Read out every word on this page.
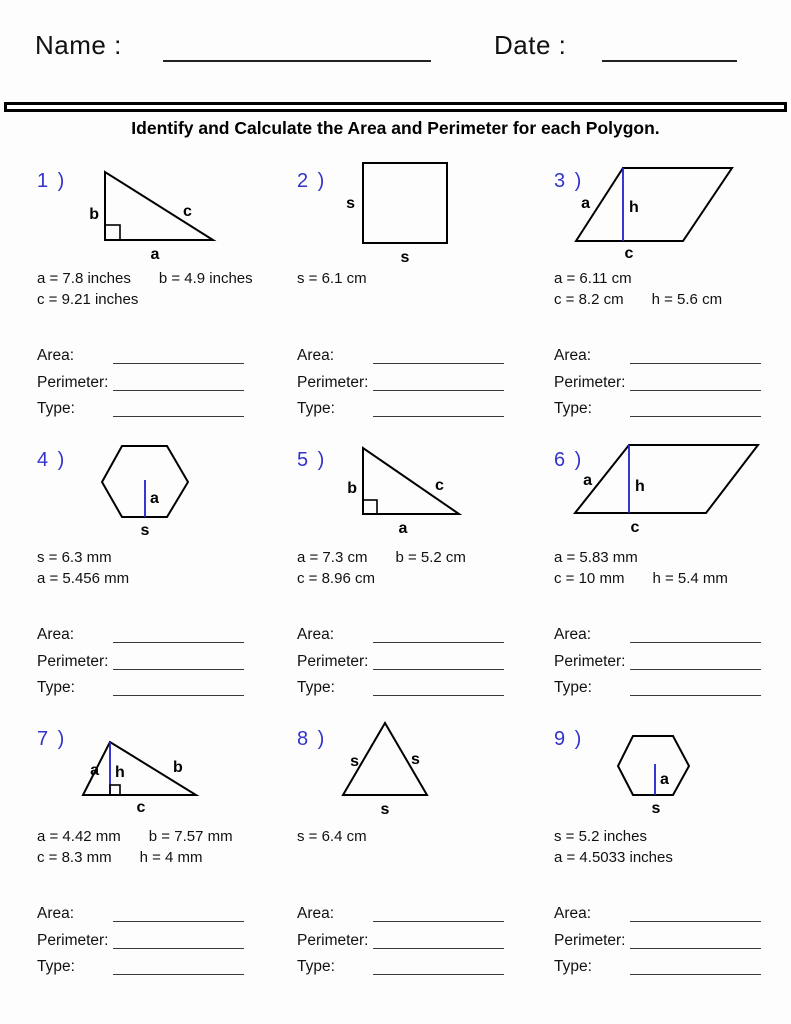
Name :	Date :
Identify and Calculate the Area and Perimeter for each Polygon.
1 )
b	c
a
a = 7.8 inches b = 4.9 inches
c = 9.21 inches
Area:
Perimeter:
Type:
2 )
s
s
s = 6.1 cm
Area:
Perimeter:
Type:
3 )
a h
c
a = 6.11 cm
c = 8.2 cm h = 5.6 cm
Area:
Perimeter:
Type:
4 )
a
s
s = 6.3 mm
a = 5.456 mm
Area:
Perimeter:
Type:
5 )
b	c
a
a = 7.3 cm b = 5.2 cm
c = 8.96 cm
Area:
Perimeter:
Type:
6 )
a	h
c
a = 5.83 mm
c = 10 mm h = 5.4 mm
Area:
Perimeter:
Type:
7 )
a h	b
c
a = 4.42 mm b = 7.57 mm
c = 8.3 mm h = 4 mm
Area:
Perimeter:
Type:
8 )
s	s
s
s = 6.4 cm
Area:
Perimeter:
Type:
9 )
a
s
s = 5.2 inches
a = 4.5033 inches
Area:
Perimeter:
Type:
